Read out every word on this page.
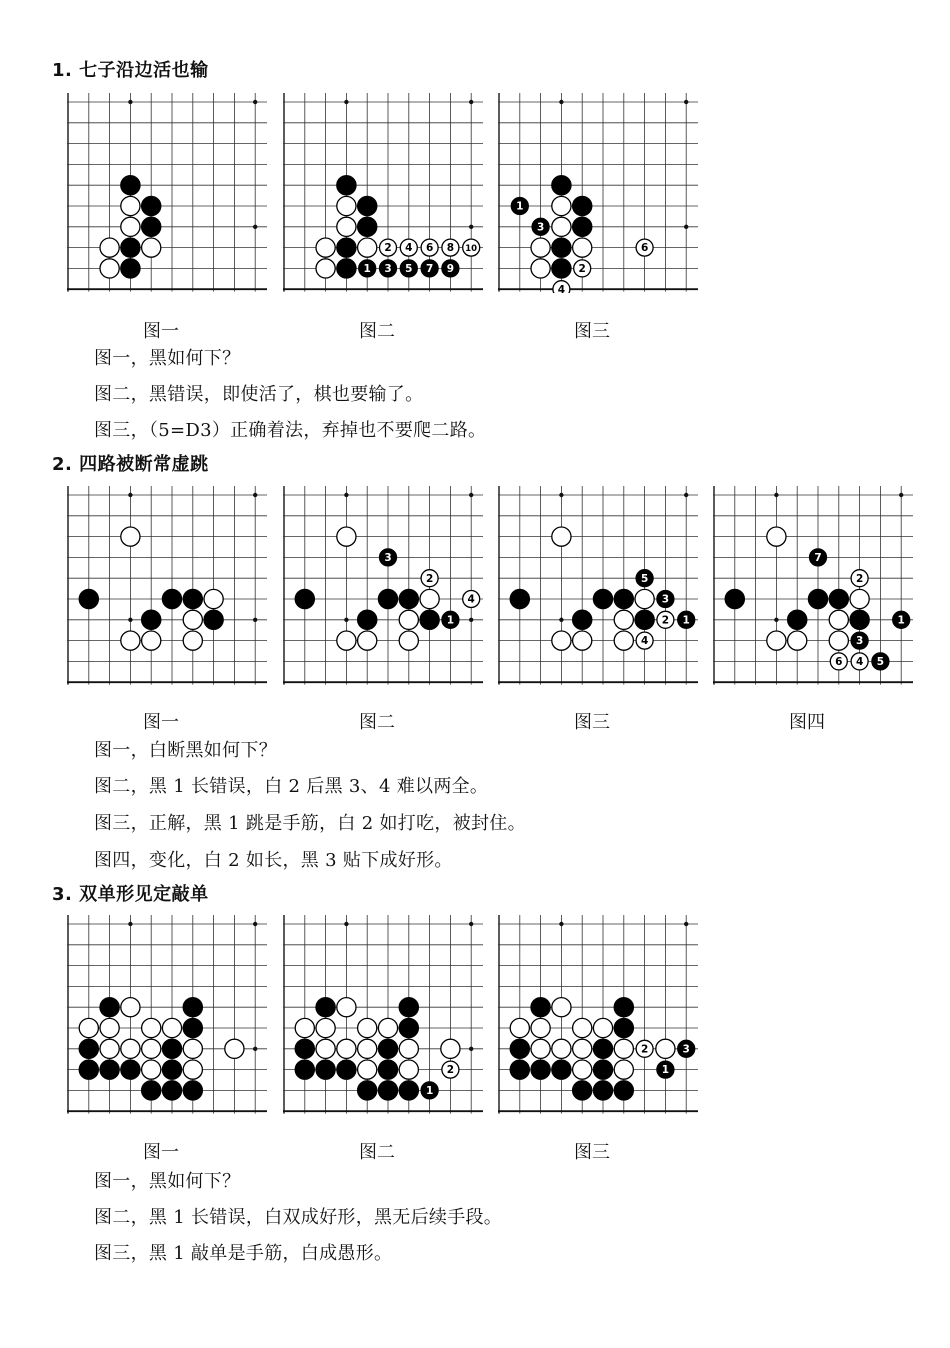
1. 七子沿边活也输
图一
1
2
3
4
5
6
7
8
9
10
图二
1
2
3
4
6
图三
图一，黑如何下？
图二，黑错误，即使活了，棋也要输了。
图三，（5=D3）正确着法，弃掉也不要爬二路。
2. 四路被断常虚跳
图一
1
2
3
4
图二
1
2
3
4
5
图三
1
2
3
4 5
6
7
图四
图一，白断黑如何下？
图二，黑 1 长错误，白 2 后黑 3、4 难以两全。
图三，正解，黑 1 跳是手筋，白 2 如打吃，被封住。
图四，变化，白 2 如长，黑 3 贴下成好形。
3. 双单形见定敲单
图一
1
2
图二
1
2	3
图三
图一，黑如何下？
图二，黑 1 长错误，白双成好形，黑无后续手段。
图三，黑 1 敲单是手筋，白成愚形。
